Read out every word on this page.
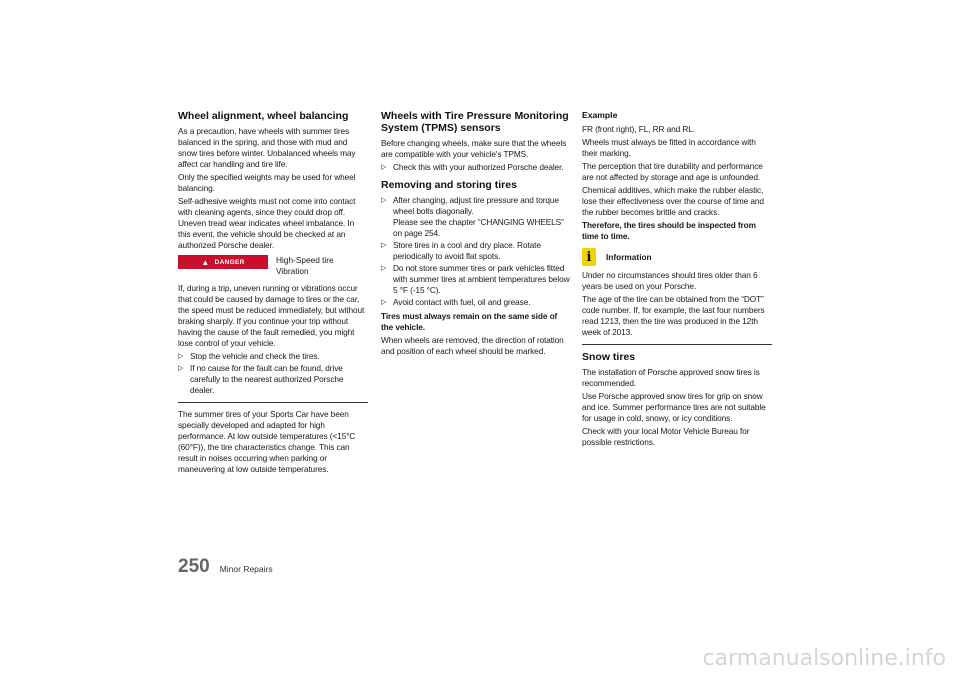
Wheel alignment, wheel balancing

As a precaution, have wheels with summer tires balanced in the spring, and those with mud and snow tires before winter. Unbalanced wheels may affect car handling and tire life.

Only the specified weights may be used for wheel balancing.

Self-adhesive weights must not come into contact with cleaning agents, since they could drop off. Uneven tread wear indicates wheel imbalance. In this event, the vehicle should be checked at an authorized Porsche dealer.

▲ DANGER	High-Speed tire
Vibration

If, during a trip, uneven running or vibrations occur that could be caused by damage to tires or the car, the speed must be reduced immediately, but without braking sharply. If you continue your trip without having the cause of the fault remedied, you might lose control of your vehicle.

▷ Stop the vehicle and check the tires.
▷ If no cause for the fault can be found, drive carefully to the nearest authorized Porsche dealer.

The summer tires of your Sports Car have been specially developed and adapted for high performance. At low outside temperatures (<15°C (60°F)), the tire characteristics change. This can result in noises occurring when parking or maneuvering at low outside temperatures.

Wheels with Tire Pressure Monitoring System (TPMS) sensors

Before changing wheels, make sure that the wheels are compatible with your vehicle's TPMS.

▷ Check this with your authorized Porsche dealer.
Removing and storing tires
▷ After changing, adjust tire pressure and torque wheel bolts diagonally.
Please see the chapter “CHANGING WHEELS” on page 254.
▷ Store tires in a cool and dry place. Rotate periodically to avoid flat spots.
▷ Do not store summer tires or park vehicles fitted with summer tires at ambient temperatures below 5 °F (-15 °C).
▷ Avoid contact with fuel, oil and grease.

Tires must always remain on the same side of the vehicle.

When wheels are removed, the direction of rotation and position of each wheel should be marked.

Example

FR (front right), FL, RR and RL.

Wheels must always be fitted in accordance with their marking.

The perception that tire durability and performance are not affected by storage and age is unfounded.

Chemical additives, which make the rubber elastic, lose their effectiveness over the course of time and the rubber becomes brittle and cracks.

Therefore, the tires should be inspected from time to time.

i	Information

Under no circumstances should tires older than 6 years be used on your Porsche.

The age of the tire can be obtained from the “DOT” code number. If, for example, the last four numbers read 1213, then the tire was produced in the 12th week of 2013.

Snow tires

The installation of Porsche approved snow tires is recommended.

Use Porsche approved snow tires for grip on snow and ice. Summer performance tires are not suitable for usage in cold, snowy, or icy conditions.

Check with your local Motor Vehicle Bureau for possible restrictions.

250 Minor Repairs
carmanualsonline.info
